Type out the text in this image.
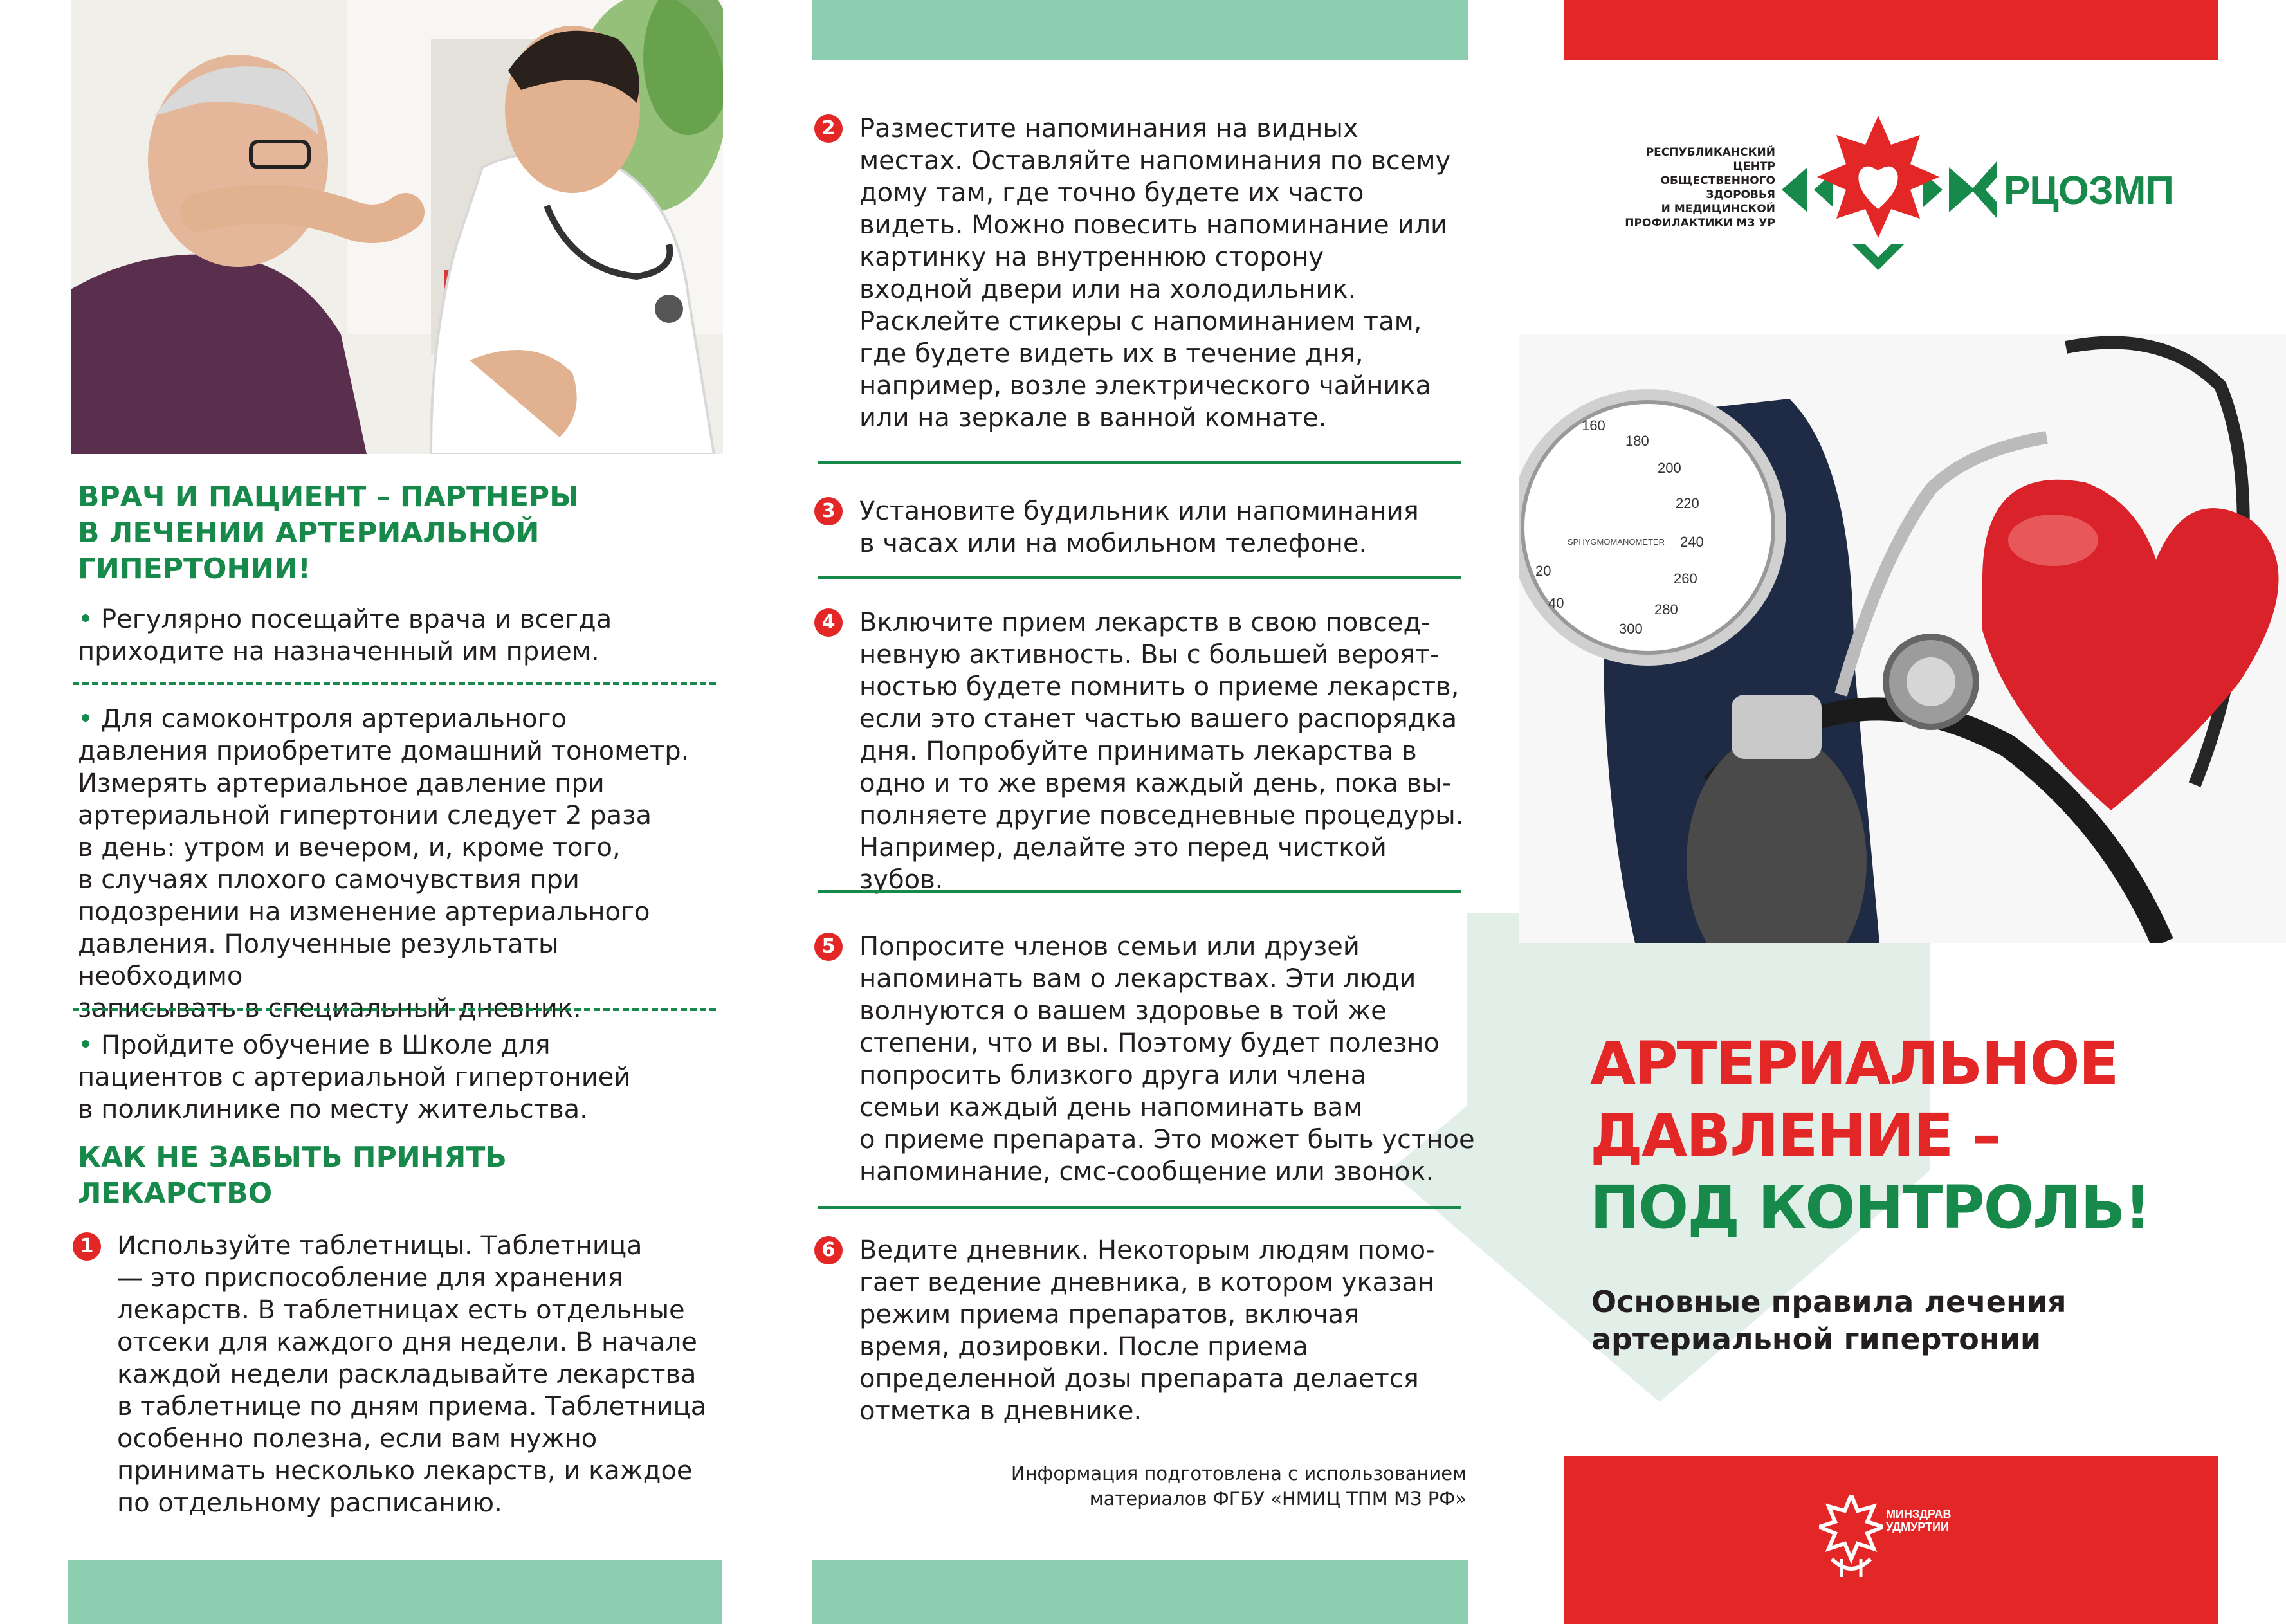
ВРАЧ И ПАЦИЕНТ – ПАРТНЕРЫ

В ЛЕЧЕНИИ АРТЕРИАЛЬНОЙ

ГИПЕРТОНИИ!

Регулярно посещайте врача и всегда

приходите на назначенный им прием.

Для самоконтроля артериального

давления приобретите домашний тонометр.

Измерять артериальное давление при

артериальной гипертонии следует 2 раза

в день: утром и вечером, и, кроме того,

в случаях плохого самочувствия при

подозрении на изменение артериального

давления. Полученные результаты необходимо

записывать в специальный дневник.

Пройдите обучение в Школе для

пациентов с артериальной гипертонией

в поликлинике по месту жительства.

КАК НЕ ЗАБЫТЬ ПРИНЯТЬ

ЛЕКАРСТВО

1 Используйте таблетницы. Таблетница

— это приспособление для хранения

лекарств. В таблетницах есть отдельные

отсеки для каждого дня недели. В начале

каждой недели раскладывайте лекарства

в таблетнице по дням приема. Таблетница

особенно полезна, если вам нужно

принимать несколько лекарств, и каждое

по отдельному расписанию.

2 Разместите напоминания на видных

местах. Оставляйте напоминания по всему

дому там, где точно будете их часто

видеть. Можно повесить напоминание или

картинку на внутреннюю сторону

входной двери или на холодильник.

Расклейте стикеры с напоминанием там,

где будете видеть их в течение дня,

например, возле электрического чайника

или на зеркале в ванной комнате.

3 Установите будильник или напоминания

в часах или на мобильном телефоне.

4 Включите прием лекарств в свою повсед-

невную активность. Вы с большей вероят-

ностью будете помнить о приеме лекарств,

если это станет частью вашего распорядка

дня. Попробуйте принимать лекарства в

одно и то же время каждый день, пока вы-

полняете другие повседневные процедуры.

Например, делайте это перед чисткой зубов.

5 Попросите членов семьи или друзей

напоминать вам о лекарствах. Эти люди

волнуются о вашем здоровье в той же

степени, что и вы. Поэтому будет полезно

попросить близкого друга или члена

семьи каждый день напоминать вам

о приеме препарата. Это может быть устное

напоминание, смс-сообщение или звонок.

6 Ведите дневник. Некоторым людям помо-

гает ведение дневника, в котором указан

режим приема препаратов, включая

время, дозировки. После приема

определенной дозы препарата делается

отметка в дневнике.

Информация подготовлена с использованием

материалов ФГБУ «НМИЦ ТПМ МЗ РФ»

РЕСПУБЛИКАНСКИЙ ЦЕНТР

ОБЩЕСТВЕННОГО ЗДОРОВЬЯ

И МЕДИЦИНСКОЙ

ПРОФИЛАКТИКИ МЗ УР

РЦОЗМП
160
180
200
220
240
260
280
300
40
20
SPHYGMOMANOMETER

АРТЕРИАЛЬНОЕ

ДАВЛЕНИЕ –

ПОД КОНТРОЛЬ!

Основные правила лечения

артериальной гипертонии

МИНЗДРАВ

УДМУРТИИ
